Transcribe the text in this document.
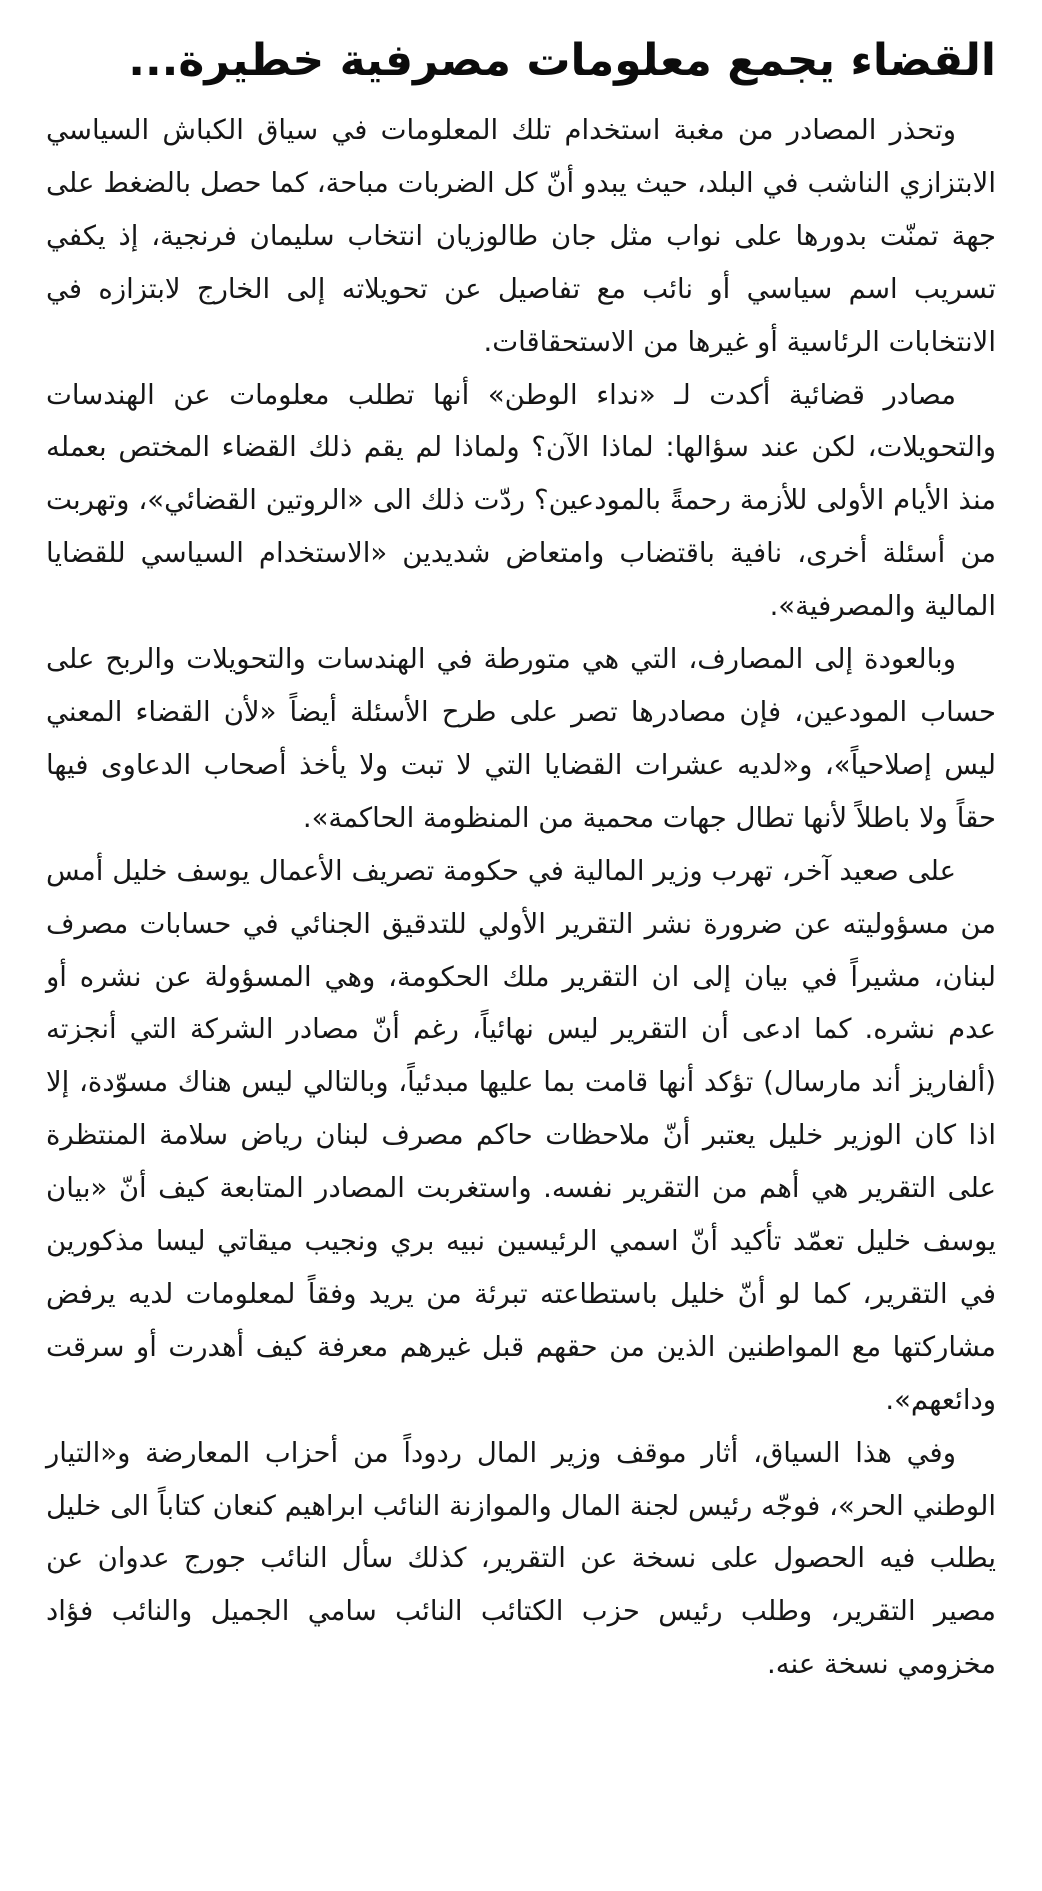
القضاء يجمع معلومات مصرفية خطيرة...

وتحذر المصادر من مغبة استخدام تلك المعلومات في سياق الكباش السياسي الابتزازي الناشب في البلد، حيث يبدو أنّ كل الضربات مباحة، كما حصل بالضغط على جهة تمنّت بدورها على نواب مثل جان طالوزيان انتخاب سليمان فرنجية، إذ يكفي تسريب اسم سياسي أو نائب مع تفاصيل عن تحويلاته إلى الخارج لابتزازه في الانتخابات الرئاسية أو غيرها من الاستحقاقات.

مصادر قضائية أكدت لـ «نداء الوطن» أنها تطلب معلومات عن الهندسات والتحويلات، لكن عند سؤالها: لماذا الآن؟ ولماذا لم يقم ذلك القضاء المختص بعمله منذ الأيام الأولى للأزمة رحمةً بالمودعين؟ ردّت ذلك الى «الروتين القضائي»، وتهربت من أسئلة أخرى، نافية باقتضاب وامتعاض شديدين «الاستخدام السياسي للقضايا المالية والمصرفية».

وبالعودة إلى المصارف، التي هي متورطة في الهندسات والتحويلات والربح على حساب المودعين، فإن مصادرها تصر على طرح الأسئلة أيضاً «لأن القضاء المعني ليس إصلاحياً»، و«لديه عشرات القضايا التي لا تبت ولا يأخذ أصحاب الدعاوى فيها حقاً ولا باطلاً لأنها تطال جهات محمية من المنظومة الحاكمة».

على صعيد آخر، تهرب وزير المالية في حكومة تصريف الأعمال يوسف خليل أمس من مسؤوليته عن ضرورة نشر التقرير الأولي للتدقيق الجنائي في حسابات مصرف لبنان، مشيراً في بيان إلى ان التقرير ملك الحكومة، وهي المسؤولة عن نشره أو عدم نشره. كما ادعى أن التقرير ليس نهائياً، رغم أنّ مصادر الشركة التي أنجزته (ألفاريز أند مارسال) تؤكد أنها قامت بما عليها مبدئياً، وبالتالي ليس هناك مسوّدة، إلا اذا كان الوزير خليل يعتبر أنّ ملاحظات حاكم مصرف لبنان رياض سلامة المنتظرة على التقرير هي أهم من التقرير نفسه. واستغربت المصادر المتابعة كيف أنّ «بيان يوسف خليل تعمّد تأكيد أنّ اسمي الرئيسين نبيه بري ونجيب ميقاتي ليسا مذكورين في التقرير، كما لو أنّ خليل باستطاعته تبرئة من يريد وفقاً لمعلومات لديه يرفض مشاركتها مع المواطنين الذين من حقهم قبل غيرهم معرفة كيف أهدرت أو سرقت ودائعهم».

وفي هذا السياق، أثار موقف وزير المال ردوداً من أحزاب المعارضة و«التيار الوطني الحر»، فوجّه رئيس لجنة المال والموازنة النائب ابراهيم كنعان كتاباً الى خليل يطلب فيه الحصول على نسخة عن التقرير، كذلك سأل النائب جورج عدوان عن مصير التقرير، وطلب رئيس حزب الكتائب النائب سامي الجميل والنائب فؤاد مخزومي نسخة عنه.
